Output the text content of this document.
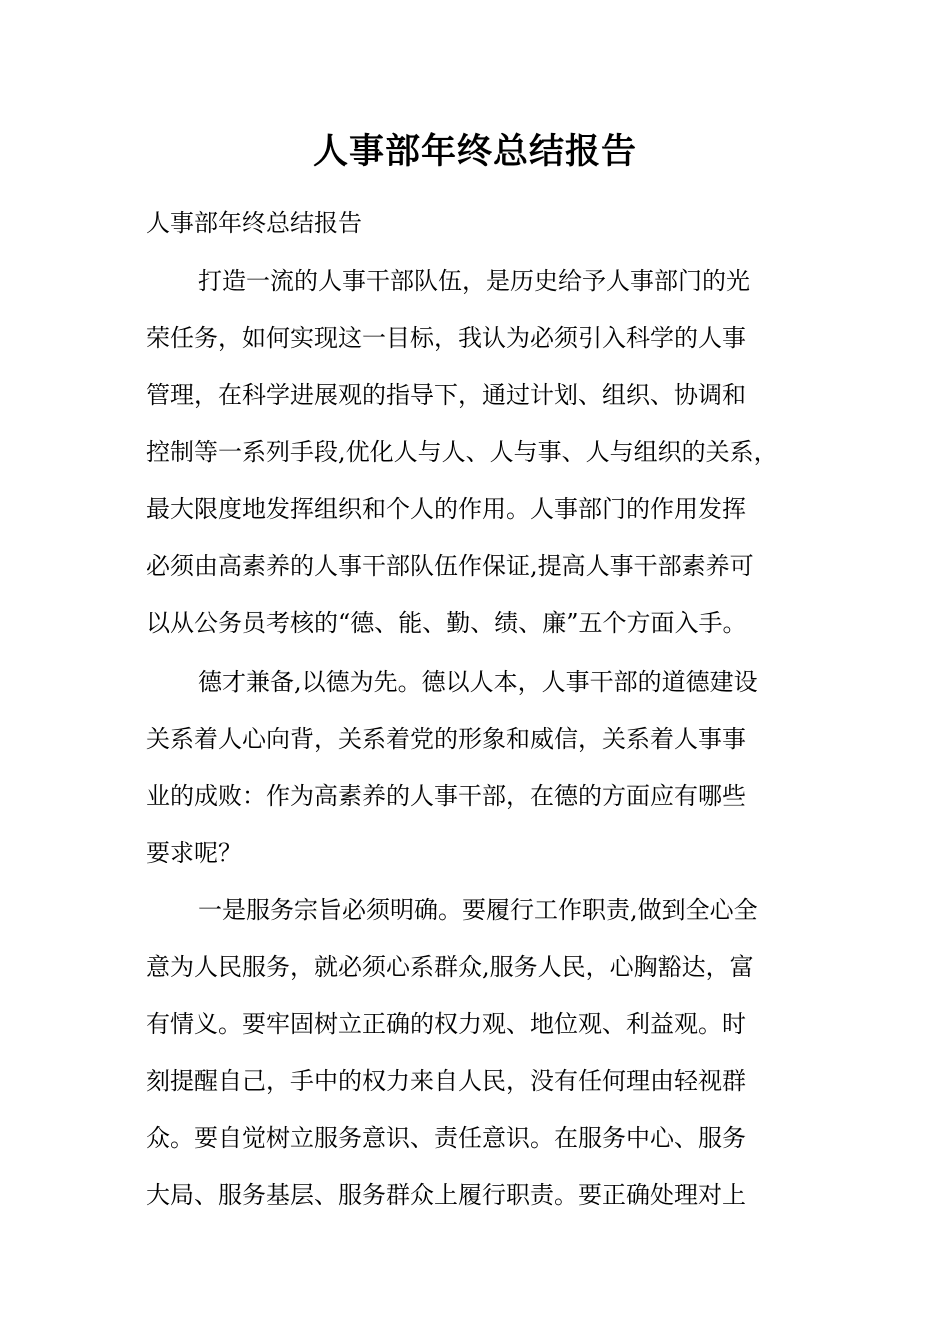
人事部年终总结报告
人事部年终总结报告
打造一流的人事干部队伍，是历史给予人事部门的光
荣任务，如何实现这一目标，我认为必须引入科学的人事
管理，在科学进展观的指导下，通过计划、组织、协调和
控制等一系列手段,优化人与人、人与事、人与组织的关系，
最大限度地发挥组织和个人的作用。人事部门的作用发挥
必须由高素养的人事干部队伍作保证,提高人事干部素养可
以从公务员考核的“德、能、勤、绩、廉”五个方面入手。
德才兼备,以德为先。德以人本，人事干部的道德建设
关系着人心向背，关系着党的形象和威信，关系着人事事
业的成败：作为高素养的人事干部，在德的方面应有哪些
要求呢？
一是服务宗旨必须明确。要履行工作职责,做到全心全
意为人民服务，就必须心系群众,服务人民，心胸豁达，富
有情义。要牢固树立正确的权力观、地位观、利益观。时
刻提醒自己，手中的权力来自人民，没有任何理由轻视群
众。要自觉树立服务意识、责任意识。在服务中心、服务
大局、服务基层、服务群众上履行职责。要正确处理对上
